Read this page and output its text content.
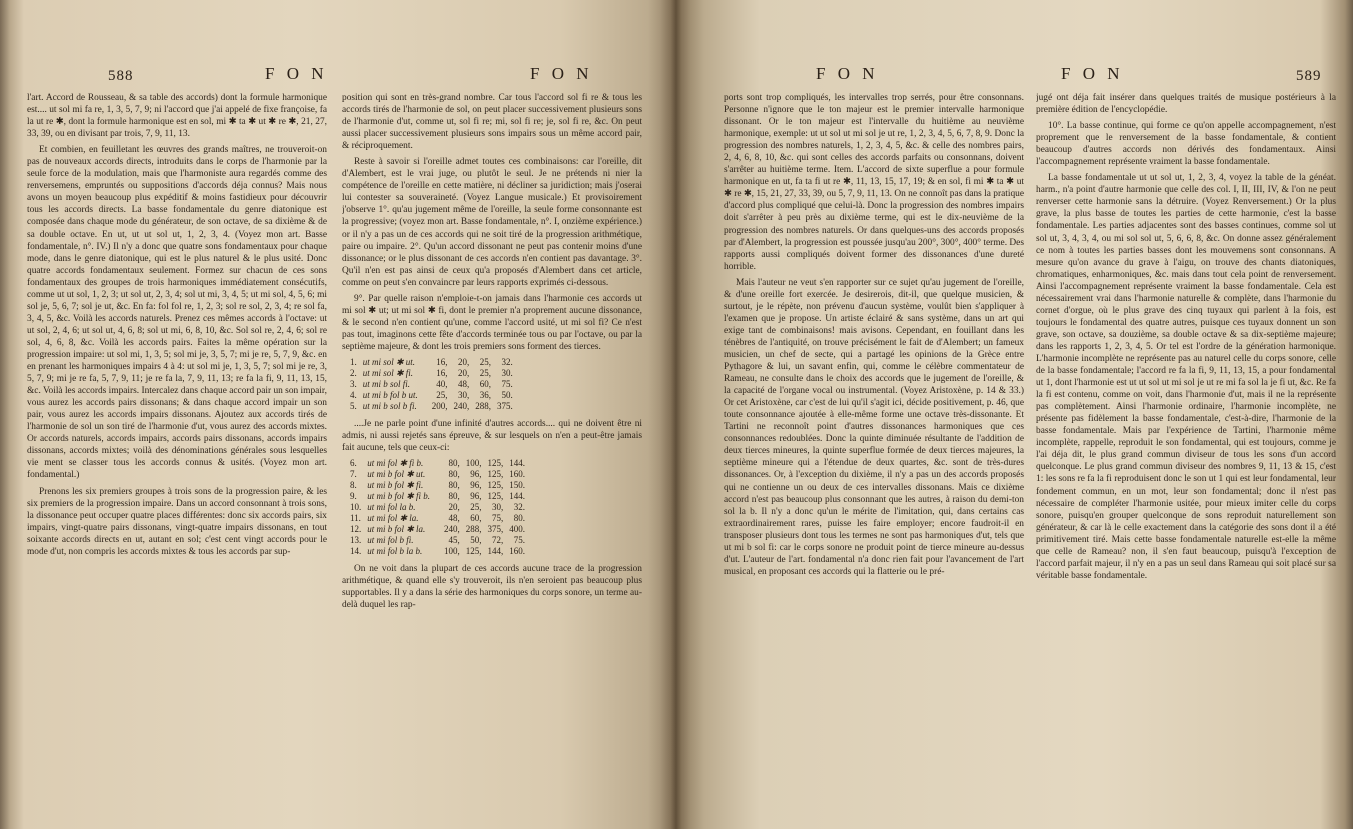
588	F O N	F O N

l'art. Accord de Rousseau, & sa table des accords) dont la formule harmonique est.... ut sol mi fa re, 1, 3, 5, 7, 9; ni l'accord que j'ai appelé de fixe françoise, fa la ut re ✱, dont la formule harmonique est en sol, mi ✱ ta ✱ ut ✱ re ✱, 21, 27, 33, 39, ou en divisant par trois, 7, 9, 11, 13.

Et combien, en feuilletant les œuvres des grands maîtres, ne trouveroit-on pas de nouveaux accords directs, introduits dans le corps de l'harmonie par la seule force de la modulation, mais que l'harmoniste aura regardés comme des renversemens, empruntés ou suppositions d'accords déja connus? Mais nous avons un moyen beaucoup plus expéditif & moins fastidieux pour découvrir tous les accords directs. La basse fondamentale du genre diatonique est composée dans chaque mode du générateur, de son octave, de sa dixième & de sa double octave. En ut, ut ut sol ut, 1, 2, 3, 4. (Voyez mon art. Basse fondamentale, n°. IV.) Il n'y a donc que quatre sons fondamentaux pour chaque mode, dans le genre diatonique, qui est le plus naturel & le plus usité. Donc quatre accords fondamentaux seulement. Formez sur chacun de ces sons fondamentaux des groupes de trois harmoniques immédiatement consécutifs, comme ut ut sol, 1, 2, 3; ut sol ut, 2, 3, 4; sol ut mi, 3, 4, 5; ut mi sol, 4, 5, 6; mi sol je, 5, 6, 7; sol je ut, &c. En fa: fol fol re, 1, 2, 3; sol re sol, 2, 3, 4; re sol fa, 3, 4, 5, &c. Voilà les accords naturels. Prenez ces mêmes accords à l'octave: ut ut sol, 2, 4, 6; ut sol ut, 4, 6, 8; sol ut mi, 6, 8, 10, &c. Sol sol re, 2, 4, 6; sol re sol, 4, 6, 8, &c. Voilà les accords pairs. Faites la même opération sur la progression impaire: ut sol mi, 1, 3, 5; sol mi je, 3, 5, 7; mi je re, 5, 7, 9, &c. en en prenant les harmoniques impairs 4 à 4: ut sol mi je, 1, 3, 5, 7; sol mi je re, 3, 5, 7, 9; mi je re fa, 5, 7, 9, 11; je re fa la, 7, 9, 11, 13; re fa la fi, 9, 11, 13, 15, &c. Voilà les accords impairs. Intercalez dans chaque accord pair un son impair, vous aurez les accords pairs dissonans; & dans chaque accord impair un son pair, vous aurez les accords impairs dissonans. Ajoutez aux accords tirés de l'harmonie de sol un son tiré de l'harmonie d'ut, vous aurez des accords mixtes. Or accords naturels, accords impairs, accords pairs dissonans, accords impairs dissonans, accords mixtes; voilà des dénominations générales sous lesquelles vie ment se classer tous les accords connus & usités. (Voyez mon art. fondamental.)

Prenons les six premiers groupes à trois sons de la progression paire, & les six premiers de la progression impaire. Dans un accord consonnant à trois sons, la dissonance peut occuper quatre places différentes: donc six accords pairs, six impairs, vingt-quatre pairs dissonans, vingt-quatre impairs dissonans, en tout soixante accords directs en ut, autant en sol; c'est cent vingt accords pour le mode d'ut, non compris les accords mixtes & tous les accords par sup-

position qui sont en très-grand nombre. Car tous l'accord sol fi re & tous les accords tirés de l'harmonie de sol, on peut placer successivement plusieurs sons de l'harmonie d'ut, comme ut, sol fi re; mi, sol fi re; je, sol fi re, &c. On peut aussi placer successivement plusieurs sons impairs sous un même accord pair, & réciproquement.

Reste à savoir si l'oreille admet toutes ces combinaisons: car l'oreille, dit d'Alembert, est le vrai juge, ou plutôt le seul. Je ne prétends ni nier la compétence de l'oreille en cette matière, ni décliner sa juridiction; mais j'oserai lui contester sa souveraineté. (Voyez Langue musicale.) Et provisoirement j'observe 1°. qu'au jugement même de l'oreille, la seule forme consonnante est la progressive; (voyez mon art. Basse fondamentale, n°. I, onzième expérience.) or il n'y a pas un de ces accords qui ne soit tiré de la progression arithmétique, paire ou impaire. 2°. Qu'un accord dissonant ne peut pas contenir moins d'une dissonance; or le plus dissonant de ces accords n'en contient pas davantage. 3°. Qu'il n'en est pas ainsi de ceux qu'a proposés d'Alembert dans cet article, comme on peut s'en convaincre par leurs rapports exprimés ci-dessous.

9°. Par quelle raison n'emploie-t-on jamais dans l'harmonie ces accords ut mi sol ✱ ut; ut mi sol ✱ fi, dont le premier n'a proprement aucune dissonance, & le second n'en contient qu'une, comme l'accord usité, ut mi sol fi? Ce n'est pas tout, imaginons cette fête d'accords terminée tous ou par l'octave, ou par la septième majeure, & dont les trois premiers sons forment des tierces.

1.	ut mi sol ✱ ut.	16,	20,	25,	32.
2.	ut mi sol ✱ fi.	16,	20,	25,	30.
3.	ut mi b sol fi.	40,	48,	60,	75.
4.	ut mi b fol b ut.	25,	30,	36,	50.
5.	ut mi b sol b fi.	200,	240,	288,	375.

....Je ne parle point d'une infinité d'autres accords.... qui ne doivent être ni admis, ni aussi rejetés sans épreuve, & sur lesquels on n'en a peut-être jamais fait aucune, tels que ceux-ci:

6.	ut mi fol ✱ fi b.	80,	100,	125,	144.
7.	ut mi b fol ✱ ut.	80,	96,	125,	160.
8.	ut mi b fol ✱ fi.	80,	96,	125,	150.
9.	ut mi b fol ✱ fi b.	80,	96,	125,	144.
10.	ut mi fol la b.	20,	25,	30,	32.
11.	ut mi fol ✱ la.	48,	60,	75,	80.
12.	ut mi b fol ✱ la.	240,	288,	375,	400.
13.	ut mi fol b fi.	45,	50,	72,	75.
14.	ut mi fol b la b.	100,	125,	144,	160.

On ne voit dans la plupart de ces accords aucune trace de la progression arithmétique, & quand elle s'y trouveroit, ils n'en seroient pas beaucoup plus supportables. Il y a dans la série des harmoniques du corps sonore, un terme au-delà duquel les rap-

F O N	F O N	589

ports sont trop compliqués, les intervalles trop serrés, pour être consonnans. Personne n'ignore que le ton majeur est le premier intervalle harmonique dissonant. Or le ton majeur est l'intervalle du huitième au neuvième harmonique, exemple: ut ut sol ut mi sol je ut re, 1, 2, 3, 4, 5, 6, 7, 8, 9. Donc la progression des nombres naturels, 1, 2, 3, 4, 5, &c. & celle des nombres pairs, 2, 4, 6, 8, 10, &c. qui sont celles des accords parfaits ou consonnans, doivent s'arrêter au huitième terme. Item. L'accord de sixte superflue a pour formule harmonique en ut, fa ta fi ut re ✱, 11, 13, 15, 17, 19; & en sol, fi mi ✱ ta ✱ ut ✱ re ✱, 15, 21, 27, 33, 39, ou 5, 7, 9, 11, 13. On ne connoît pas dans la pratique d'accord plus compliqué que celui-là. Donc la progression des nombres impairs doit s'arrêter à peu près au dixième terme, qui est le dix-neuvième de la progression des nombres naturels. Or dans quelques-uns des accords proposés par d'Alembert, la progression est poussée jusqu'au 200°, 300°, 400° terme. Des rapports aussi compliqués doivent former des dissonances d'une dureté horrible.

Mais l'auteur ne veut s'en rapporter sur ce sujet qu'au jugement de l'oreille, & d'une oreille fort exercée. Je desirerois, dit-il, que quelque musicien, & surtout, je le répète, non prévenu d'aucun système, voulût bien s'appliquer à l'examen que je propose. Un artiste éclairé & sans système, dans un art qui exige tant de combinaisons! mais avisons. Cependant, en fouillant dans les ténèbres de l'antiquité, on trouve précisément le fait de d'Alembert; un fameux musicien, un chef de secte, qui a partagé les opinions de la Grèce entre Pythagore & lui, un savant enfin, qui, comme le célèbre commentateur de Rameau, ne consulte dans le choix des accords que le jugement de l'oreille, & la capacité de l'organe vocal ou instrumental. (Voyez Aristoxène, p. 14 & 33.) Or cet Aristoxène, car c'est de lui qu'il s'agit ici, décide positivement, p. 46, que toute consonnance ajoutée à elle-même forme une octave très-dissonante. Et Tartini ne reconnoît point d'autres dissonances harmoniques que ces consonnances redoublées. Donc la quinte diminuée résultante de l'addition de deux tierces mineures, la quinte superflue formée de deux tierces majeures, la septième mineure qui a l'étendue de deux quartes, &c. sont de très-dures dissonances. Or, à l'exception du dixième, il n'y a pas un des accords proposés qui ne contienne un ou deux de ces intervalles dissonans. Mais ce dixième accord n'est pas beaucoup plus consonnant que les autres, à raison du demi-ton sol la b. Il n'y a donc qu'un le mérite de l'imitation, qui, dans certains cas extraordinairement rares, puisse les faire employer; encore faudroit-il en transposer plusieurs dont tous les termes ne sont pas harmoniques d'ut, tels que ut mi b sol fi: car le corps sonore ne produit point de tierce mineure au-dessus d'ut. L'auteur de l'art. fondamental n'a donc rien fait pour l'avancement de l'art musical, en proposant ces accords qui la flatterie ou le pré-

jugé ont déja fait insérer dans quelques traités de musique postérieurs à la première édition de l'encyclopédie.

10°. La basse continue, qui forme ce qu'on appelle accompagnement, n'est proprement que le renversement de la basse fondamentale, & contient beaucoup d'autres accords non dérivés des fondamentaux. Ainsi l'accompagnement représente vraiment la basse fondamentale.

La basse fondamentale ut ut sol ut, 1, 2, 3, 4, voyez la table de la généat. harm., n'a point d'autre harmonie que celle des col. I, II, III, IV, & l'on ne peut renverser cette harmonie sans la détruire. (Voyez Renversement.) Or la plus grave, la plus basse de toutes les parties de cette harmonie, c'est la basse fondamentale. Les parties adjacentes sont des basses continues, comme sol ut sol ut, 3, 4, 3, 4, ou mi sol sol ut, 5, 6, 6, 8, &c. On donne assez généralement ce nom à toutes les parties basses dont les mouvemens sont consonnans. A mesure qu'on avance du grave à l'aigu, on trouve des chants diatoniques, chromatiques, enharmoniques, &c. mais dans tout cela point de renversement. Ainsi l'accompagnement représente vraiment la basse fondamentale. Cela est nécessairement vrai dans l'harmonie naturelle & complète, dans l'harmonie du cornet d'orgue, où le plus grave des cinq tuyaux qui parlent à la fois, est toujours le fondamental des quatre autres, puisque ces tuyaux donnent un son grave, son octave, sa douzième, sa double octave & sa dix-septième majeure; dans les rapports 1, 2, 3, 4, 5. Or tel est l'ordre de la génération harmonique. L'harmonie incomplète ne représente pas au naturel celle du corps sonore, celle de la basse fondamentale; l'accord re fa la fi, 9, 11, 13, 15, a pour fondamental ut 1, dont l'harmonie est ut ut sol ut mi sol je ut re mi fa sol la je fi ut, &c. Re fa la fi est contenu, comme on voit, dans l'harmonie d'ut, mais il ne la représente pas complètement. Ainsi l'harmonie ordinaire, l'harmonie incomplète, ne présente pas fidèlement la basse fondamentale, c'est-à-dire, l'harmonie de la basse fondamentale. Mais par l'expérience de Tartini, l'harmonie même incomplète, rappelle, reproduit le son fondamental, qui est toujours, comme je l'ai déja dit, le plus grand commun diviseur de tous les sons d'un accord quelconque. Le plus grand commun diviseur des nombres 9, 11, 13 & 15, c'est 1: les sons re fa la fi reproduisent donc le son ut 1 qui est leur fondamental, leur fondement commun, en un mot, leur son fondamental; donc il n'est pas nécessaire de compléter l'harmonie usitée, pour mieux imiter celle du corps sonore, puisqu'en grouper quelconque de sons reproduit naturellement son générateur, & car là le celle exactement dans la catégorie des sons dont il a été primitivement tiré. Mais cette basse fondamentale naturelle est-elle la même que celle de Rameau? non, il s'en faut beaucoup, puisqu'à l'exception de l'accord parfait majeur, il n'y en a pas un seul dans Rameau qui soit placé sur sa véritable basse fondamentale.
